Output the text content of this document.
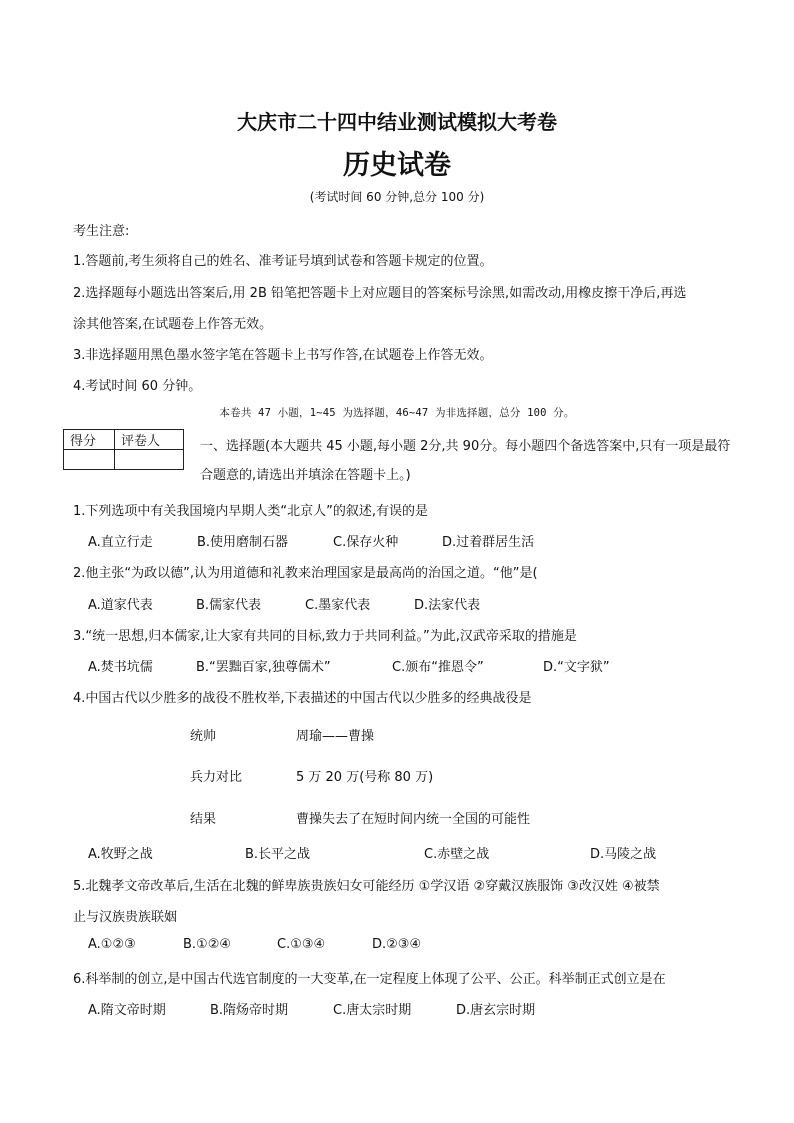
大庆市二十四中结业测试模拟大考卷
历史试卷
(考试时间 60 分钟,总分 100 分)
考生注意:
1.答题前,考生须将自己的姓名、准考证号填到试卷和答题卡规定的位置。
2.选择题每小题选出答案后,用 2B 铅笔把答题卡上对应题目的答案标号涂黑,如需改动,用橡皮擦干净后,再选
涂其他答案,在试题卷上作答无效。
3.非选择题用黑色墨水签字笔在答题卡上书写作答,在试题卷上作答无效。
4.考试时间 60 分钟。
本卷共 47 小题，1~45 为选择题，46~47 为非选择题，总分 100 分。
得分	评卷人
		一、选择题(本大题共 45 小题,每小题 2分,共 90分。每小题四个备选答案中,只有一项是最符合题意的,请选出并填涂在答题卡上。)
1.下列选项中有关我国境内早期人类“北京人”的叙述,有误的是
A.直立行走	B.使用磨制石器	C.保存火种	D.过着群居生活
2.他主张“为政以德”,认为用道德和礼教来治理国家是最高尚的治国之道。“他”是(
A.道家代表	B.儒家代表	C.墨家代表	D.法家代表
3.“统一思想,归本儒家,让大家有共同的目标,致力于共同利益。”为此,汉武帝采取的措施是
A.焚书坑儒	B.“罢黜百家,独尊儒术”	C.颁布“推恩令”	D.“文字狱”
4.中国古代以少胜多的战役不胜枚举,下表描述的中国古代以少胜多的经典战役是
统帅	周瑜——曹操
兵力对比	5 万 20 万(号称 80 万)
结果	曹操失去了在短时间内统一全国的可能性
A.牧野之战	B.长平之战	C.赤壁之战	D.马陵之战
5.北魏孝文帝改革后,生活在北魏的鲜卑族贵族妇女可能经历 ①学汉语 ②穿戴汉族服饰 ③改汉姓 ④被禁
止与汉族贵族联姻
A.①②③	B.①②④	C.①③④	D.②③④
6.科举制的创立,是中国古代选官制度的一大变革,在一定程度上体现了公平、公正。科举制正式创立是在
A.隋文帝时期	B.隋炀帝时期	C.唐太宗时期	D.唐玄宗时期
